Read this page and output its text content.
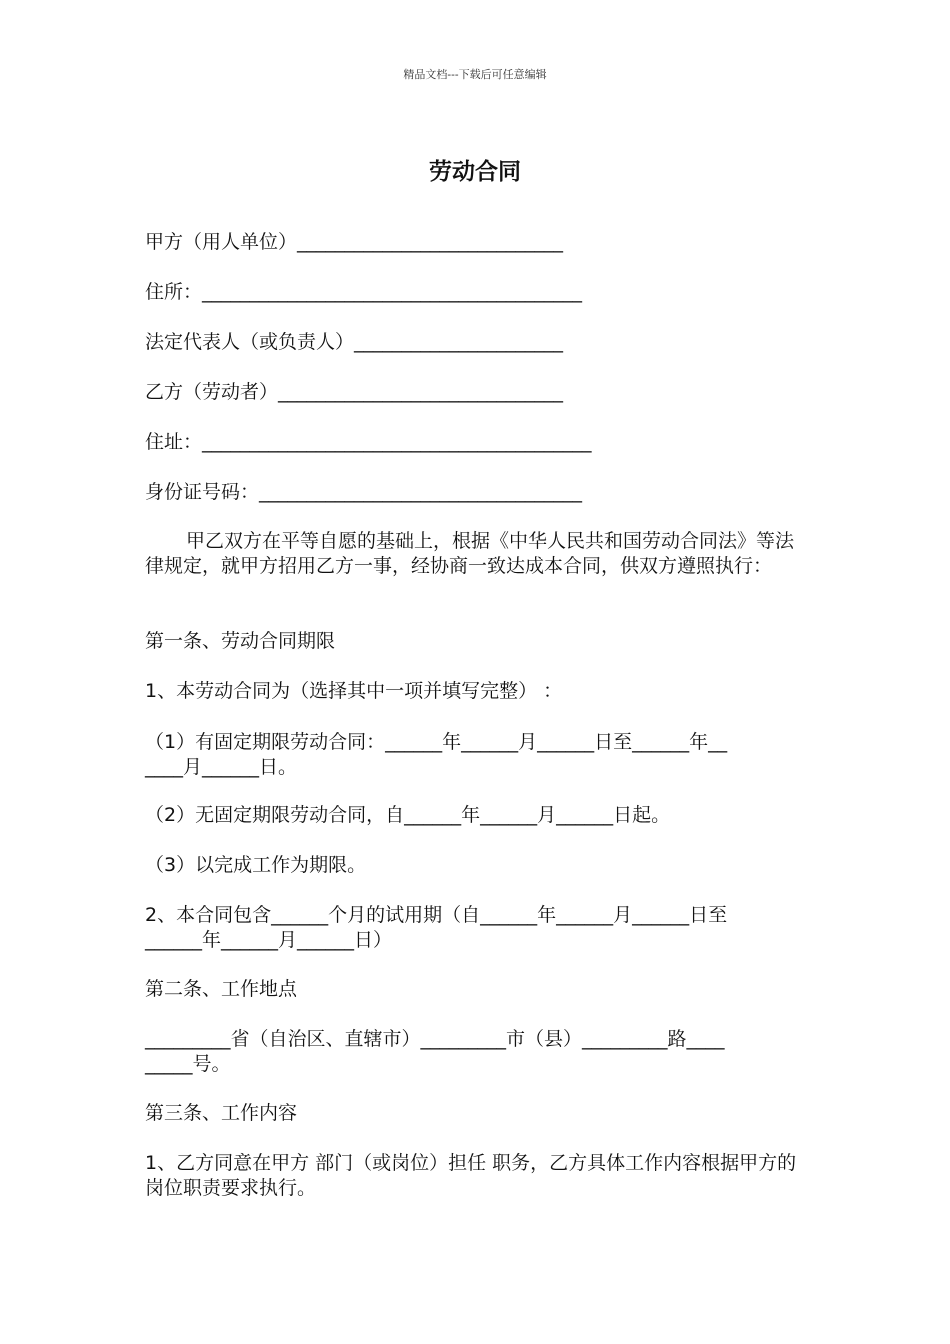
精品文档---下载后可任意编辑
劳动合同
甲方（用人单位）____________________________
住所：________________________________________
法定代表人（或负责人）______________________
乙方（劳动者）______________________________
住址：_________________________________________
身份证号码：__________________________________
甲乙双方在平等自愿的基础上，根据《中华人民共和国劳动合同法》等法律规定，就甲方招用乙方一事，经协商一致达成本合同，供双方遵照执行：
第一条、劳动合同期限
1、本劳动合同为（选择其中一项并填写完整） ：
（1）有固定期限劳动合同：______年______月______日至______年__
____月______日。
（2）无固定期限劳动合同，自______年______月______日起。
（3）以完成工作为期限。
2、本合同包含______个月的试用期（自______年______月______日至
______年______月______日）
第二条、工作地点
_________省（自治区、直辖市）_________市（县）_________路____
_____号。
第三条、工作内容
1、乙方同意在甲方 部门（或岗位）担任 职务，乙方具体工作内容根据甲方的岗位职责要求执行。
